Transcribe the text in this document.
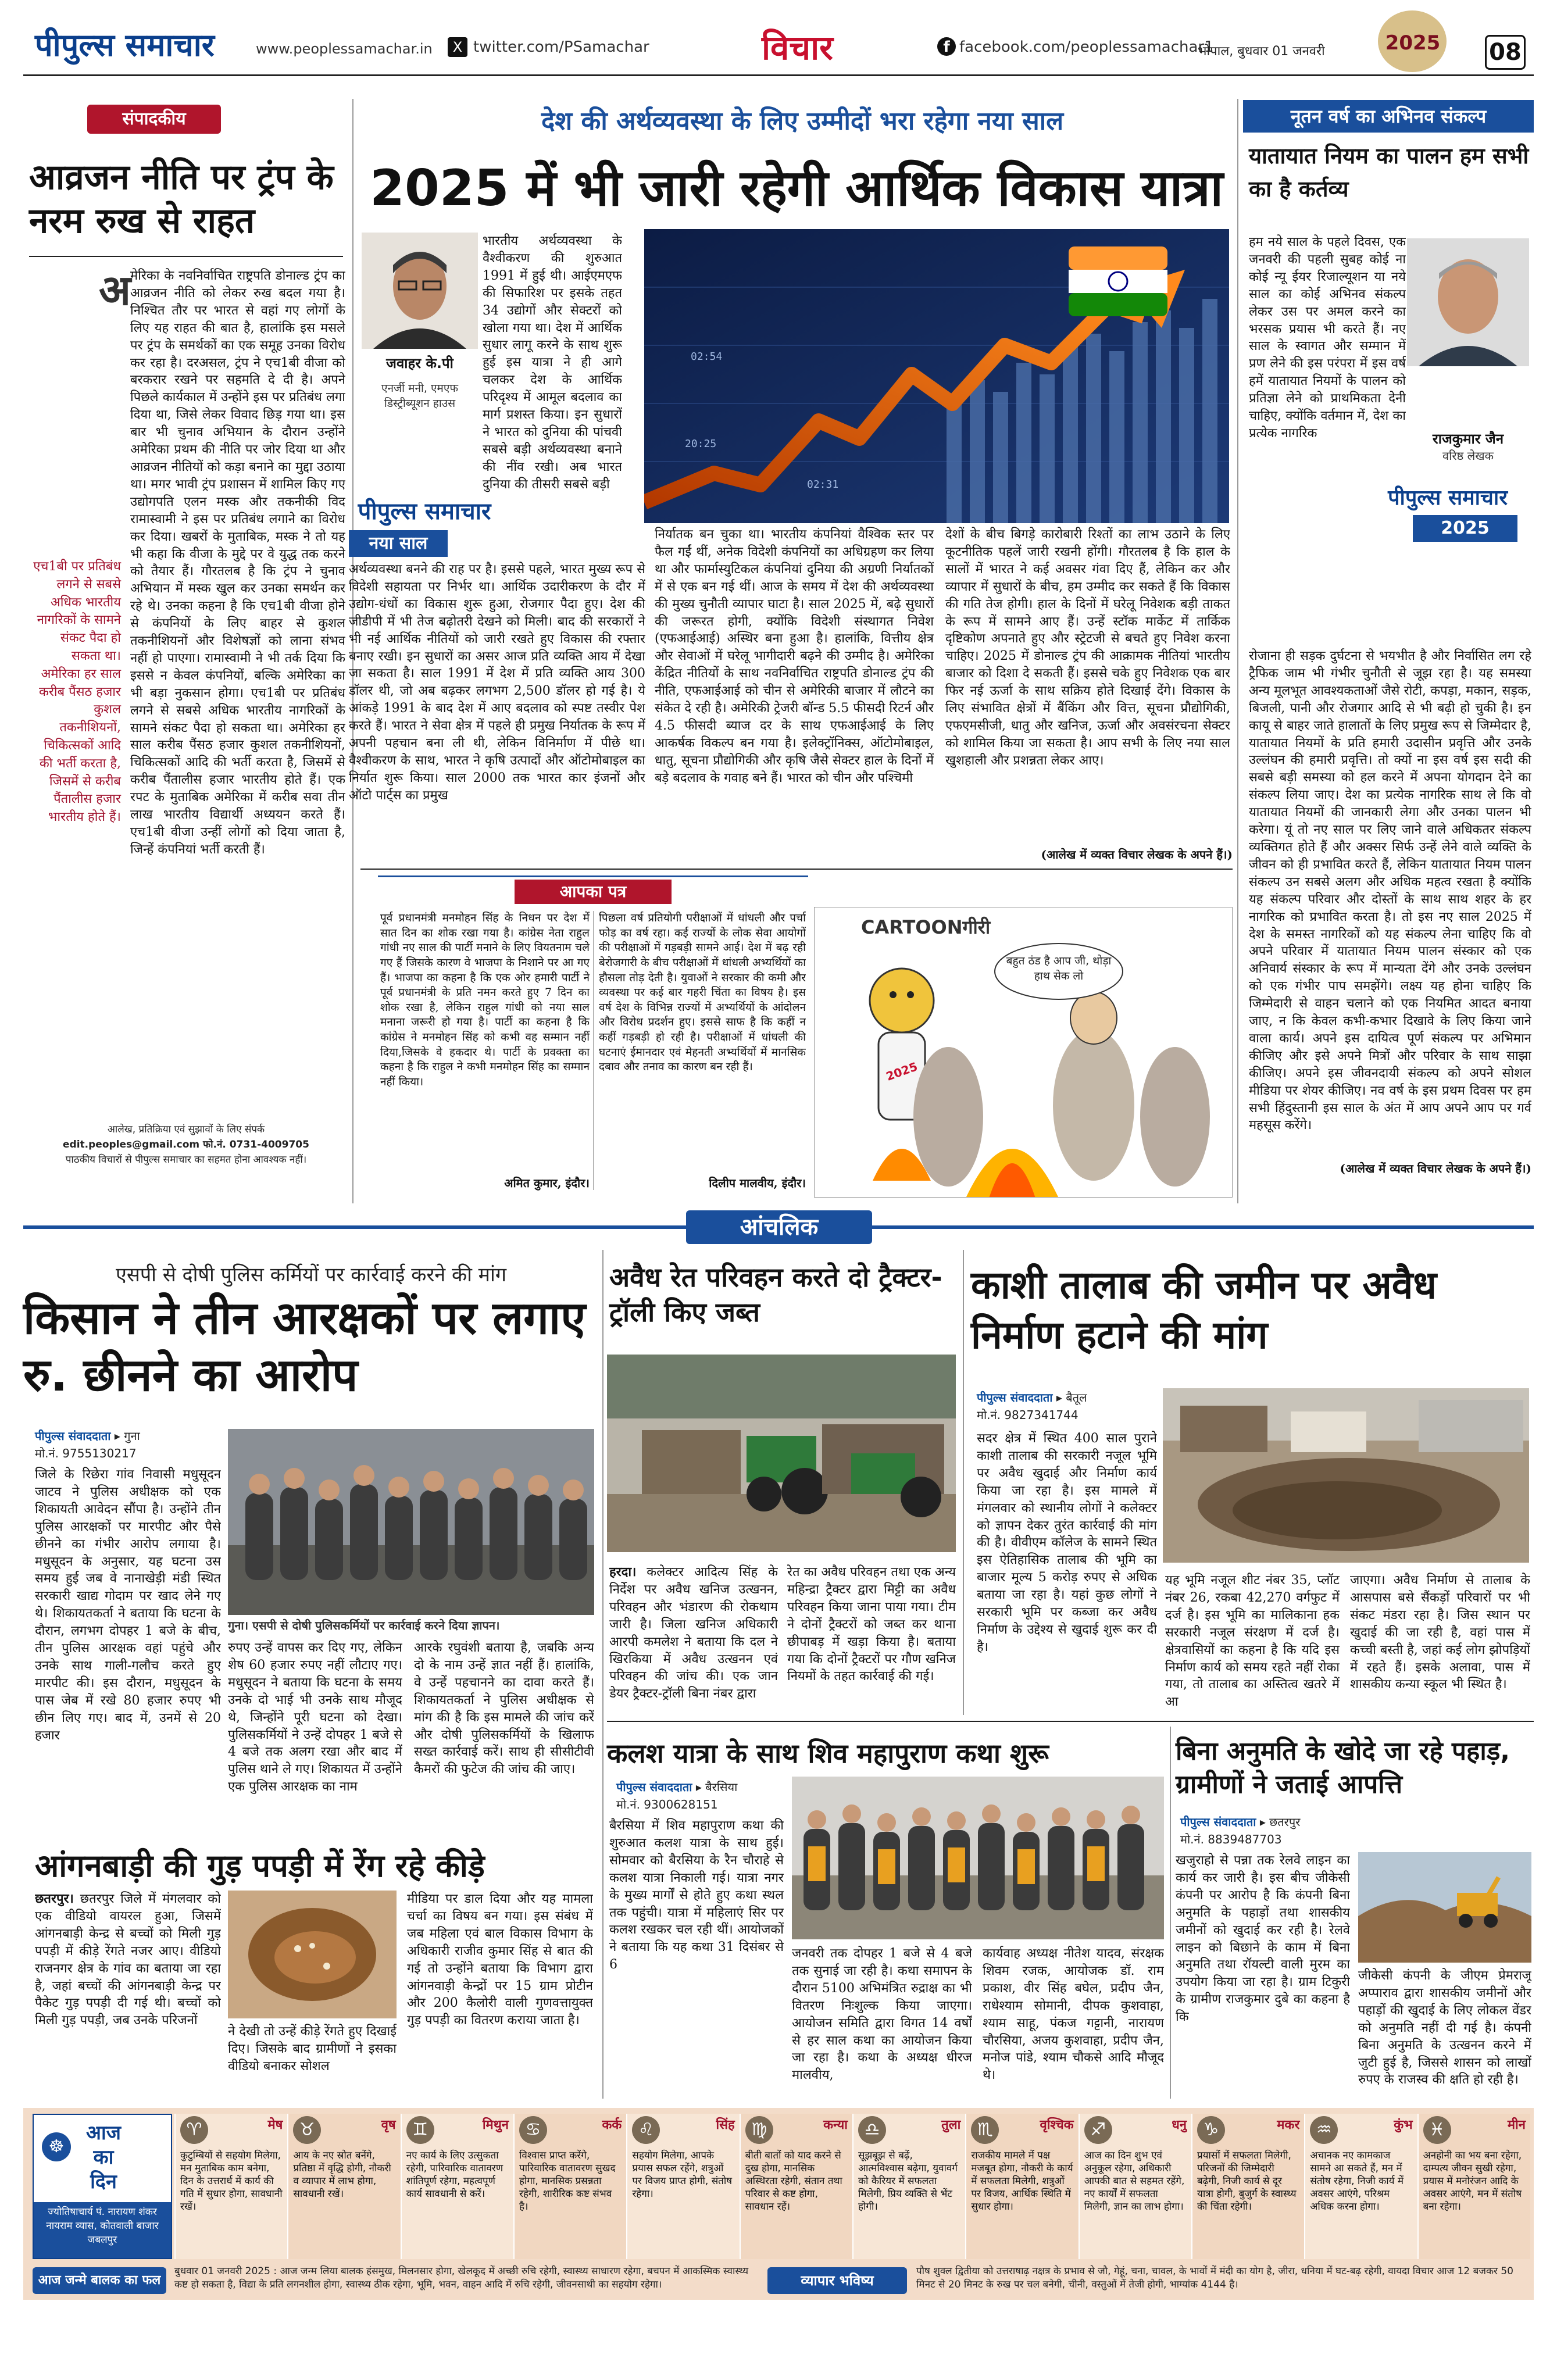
पीपुल्स समाचार	www.peoplessamachar.in	X twitter.com/PSamachar	विचार	f facebook.com/peoplessamachar1
भोपाल, बुधवार 01 जनवरी	2025 08
संपादकीय
आव्रजन नीति पर ट्रंप के नरम रुख से राहत
अ
मेरिका के नवनिर्वाचित राष्ट्रपति डोनाल्ड ट्रंप का आव्रजन नीति को लेकर रुख बदल गया है। निश्चित तौर पर भारत से वहां गए लोगों के लिए यह राहत की बात है, हालांकि इस मसले पर ट्रंप के समर्थकों का एक समूह उनका विरोध कर रहा है। दरअसल, ट्रंप ने एच1बी वीजा को बरकरार रखने पर सहमति दे दी है। अपने पिछले कार्यकाल में उन्होंने इस पर प्रतिबंध लगा दिया था, जिसे लेकर विवाद छिड़ गया था। इस बार भी चुनाव अभियान के दौरान उन्होंने अमेरिका प्रथम की नीति पर जोर दिया था और आव्रजन नीतियों को कड़ा बनाने का मुद्दा उठाया था। मगर भावी ट्रंप प्रशासन में शामिल किए गए उद्योगपति एलन मस्क और तकनीकी विद रामास्वामी ने इस पर प्रतिबंध लगाने का विरोध कर दिया। खबरों के मुताबिक, मस्क ने तो यह भी कहा कि वीजा के मुद्दे पर वे युद्ध तक करने को तैयार हैं। गौरतलब है कि ट्रंप ने चुनाव अभियान में मस्क खुल कर उनका समर्थन कर रहे थे। उनका कहना है कि एच1बी वीजा होने से कंपनियों के लिए बाहर से कुशल तकनीशियनों और विशेषज्ञों को लाना संभव नहीं हो पाएगा। रामास्वामी ने भी तर्क दिया कि इससे न केवल कंपनियों, बल्कि अमेरिका का भी बड़ा नुकसान होगा। एच1बी पर प्रतिबंध लगने से सबसे अधिक भारतीय नागरिकों के सामने संकट पैदा हो सकता था। अमेरिका हर साल करीब पैंसठ हजार कुशल तकनीशियनों, चिकित्सकों आदि की भर्ती करता है, जिसमें से करीब पैंतालीस हजार भारतीय होते हैं। एक रपट के मुताबिक अमेरिका में करीब सवा तीन लाख भारतीय विद्यार्थी अध्ययन करते हैं। एच1बी वीजा उन्हीं लोगों को दिया जाता है, जिन्हें कंपनियां भर्ती करती हैं।
एच1बी पर प्रतिबंध लगने से सबसे अधिक भारतीय नागरिकों के सामने संकट पैदा हो सकता था। अमेरिका हर साल करीब पैंसठ हजार कुशल तकनीशियनों, चिकित्सकों आदि की भर्ती करता है, जिसमें से करीब पैंतालीस हजार भारतीय होते हैं।
आलेख, प्रतिक्रिया एवं सुझावों के लिए संपर्क
edit.peoples@gmail.com फो.नं. 0731-4009705
पाठकीय विचारों से पीपुल्स समाचार का सहमत होना आवश्यक नहीं।
देश की अर्थव्यवस्था के लिए उम्मीदों भरा रहेगा नया साल
2025 में भी जारी रहेगी आर्थिक विकास यात्रा
जवाहर के.पी
एनर्जी मनी, एमएफ
डिस्ट्रीब्यूशन हाउस
पीपुल्स समाचार
नया साल
भारतीय अर्थव्यवस्था के वैश्वीकरण की शुरुआत 1991 में हुई थी। आईएमएफ की सिफारिश पर इसके तहत 34 उद्योगों और सेक्टरों को खोला गया था। देश में आर्थिक सुधार लागू करने के साथ शुरू हुई इस यात्रा ने ही आगे चलकर देश के आर्थिक परिदृश्य में आमूल बदलाव का मार्ग प्रशस्त किया। इन सुधारों ने भारत को दुनिया की पांचवी सबसे बड़ी अर्थव्यवस्था बनाने की नींव रखी। अब भारत दुनिया की तीसरी सबसे बड़ी
02:54
20:25
02:31
अर्थव्यवस्था बनने की राह पर है। इससे पहले, भारत मुख्य रूप से विदेशी सहायता पर निर्भर था। आर्थिक उदारीकरण के दौर में उद्योग-धंधों का विकास शुरू हुआ, रोजगार पैदा हुए। देश की जीडीपी में भी तेज बढ़ोतरी देखने को मिली। बाद की सरकारों ने भी नई आर्थिक नीतियों को जारी रखते हुए विकास की रफ्तार बनाए रखी। इन सुधारों का असर आज प्रति व्यक्ति आय में देखा जा सकता है। साल 1991 में देश में प्रति व्यक्ति आय 300 डॉलर थी, जो अब बढ़कर लगभग 2,500 डॉलर हो गई है। ये आंकड़े 1991 के बाद देश में आए बदलाव को स्पष्ट तस्वीर पेश करते हैं। भारत ने सेवा क्षेत्र में पहले ही प्रमुख निर्यातक के रूप में अपनी पहचान बना ली थी, लेकिन विनिर्माण में पीछे था। वैश्वीकरण के साथ, भारत ने कृषि उत्पादों और ऑटोमोबाइल का निर्यात शुरू किया। साल 2000 तक भारत कार इंजनों और ऑटो पार्ट्स का प्रमुख
निर्यातक बन चुका था। भारतीय कंपनियां वैश्विक स्तर पर फैल गईं थीं, अनेक विदेशी कंपनियों का अधिग्रहण कर लिया था और फार्मास्युटिकल कंपनियां दुनिया की अग्रणी निर्यातकों में से एक बन गई थीं। आज के समय में देश की अर्थव्यवस्था की मुख्य चुनौती व्यापार घाटा है। साल 2025 में, बढ़े सुधारों की जरूरत होगी, क्योंकि विदेशी संस्थागत निवेश (एफआईआई) अस्थिर बना हुआ है। हालांकि, वित्तीय क्षेत्र और सेवाओं में घरेलू भागीदारी बढ़ने की उम्मीद है। अमेरिका केंद्रित नीतियों के साथ नवनिर्वाचित राष्ट्रपति डोनाल्ड ट्रंप की नीति, एफआईआई को चीन से अमेरिकी बाजार में लौटने का संकेत दे रही है। अमेरिकी ट्रेजरी बॉन्ड 5.5 फीसदी रिटर्न और 4.5 फीसदी ब्याज दर के साथ एफआईआई के लिए आकर्षक विकल्प बन गया है। इलेक्ट्रॉनिक्स, ऑटोमोबाइल, धातु, सूचना प्रौद्योगिकी और कृषि जैसे सेक्टर हाल के दिनों में बड़े बदलाव के गवाह बने हैं। भारत को चीन और पश्चिमी
देशों के बीच बिगड़े कारोबारी रिश्तों का लाभ उठाने के लिए कूटनीतिक पहलें जारी रखनी होंगी। गौरतलब है कि हाल के सालों में भारत ने कई अवसर गंवा दिए हैं, लेकिन कर और व्यापार में सुधारों के बीच, हम उम्मीद कर सकते हैं कि विकास की गति तेज होगी। हाल के दिनों में घरेलू निवेशक बड़ी ताकत के रूप में सामने आए हैं। उन्हें स्टॉक मार्केट में तार्किक दृष्टिकोण अपनाते हुए और स्ट्रेटजी से बचते हुए निवेश करना चाहिए। 2025 में डोनाल्ड ट्रंप की आक्रामक नीतियां भारतीय बाजार को दिशा दे सकती हैं। इससे चके हुए निवेशक एक बार फिर नई ऊर्जा के साथ सक्रिय होते दिखाई देंगे। विकास के लिए संभावित क्षेत्रों में बैंकिंग और वित्त, सूचना प्रौद्योगिकी, एफएमसीजी, धातु और खनिज, ऊर्जा और अवसंरचना सेक्टर को शामिल किया जा सकता है। आप सभी के लिए नया साल खुशहाली और प्रशन्नता लेकर आए।
(आलेख में व्यक्त विचार लेखक के अपने हैं।)
आपका पत्र
पूर्व प्रधानमंत्री मनमोहन सिंह के निधन पर देश में सात दिन का शोक रखा गया है। कांग्रेस नेता राहुल गांधी नए साल की पार्टी मनाने के लिए वियतनाम चले गए हैं जिसके कारण वे भाजपा के निशाने पर आ गए हैं। भाजपा का कहना है कि एक ओर हमारी पार्टी ने पूर्व प्रधानमंत्री के प्रति नमन करते हुए 7 दिन का शोक रखा है, लेकिन राहुल गांधी को नया साल मनाना जरूरी हो गया है। पार्टी का कहना है कि कांग्रेस ने मनमोहन सिंह को कभी वह सम्मान नहीं दिया,जिसके वे हकदार थे। पार्टी के प्रवक्ता का कहना है कि राहुल ने कभी मनमोहन सिंह का सम्मान नहीं किया।
अमित कुमार, इंदौर।
पिछला वर्ष प्रतियोगी परीक्षाओं में धांधली और पर्चा फोड़ का वर्ष रहा। कई राज्यों के लोक सेवा आयोगों की परीक्षाओं में गड़बड़ी सामने आई। देश में बढ़ रही बेरोजगारी के बीच परीक्षाओं में धांधली अभ्यर्थियों का हौसला तोड़ देती है। युवाओं ने सरकार की कमी और व्यवस्था पर कई बार गहरी चिंता का विषय है। इस वर्ष देश के विभिन्न राज्यों में अभ्यर्थियों के आंदोलन और विरोध प्रदर्शन हुए। इससे साफ है कि कहीं न कहीं गड़बड़ी हो रही है। परीक्षाओं में धांधली की घटनाएं ईमानदार एवं मेहनती अभ्यर्थियों में मानसिक दबाव और तनाव का कारण बन रही हैं।
दिलीप मालवीय, इंदौर।
CARTOONगीरी
बहुत ठंड है आप जी, थोड़ा हाथ सेक लो
2025
नूतन वर्ष का अभिनव संकल्प
यातायात नियम का पालन हम सभी का है कर्तव्य
हम नये साल के पहले दिवस, एक जनवरी की पहली सुबह कोई ना कोई न्यू ईयर रिजाल्यूशन या नये साल का कोई अभिनव संकल्प लेकर उस पर अमल करने का भरसक प्रयास भी करते हैं। नए साल के स्वागत और सम्मान में प्रण लेने की इस परंपरा में इस वर्ष हमें यातायात नियमों के पालन को प्रतिज्ञा लेने को प्राथमिकता देनी चाहिए, क्योंकि वर्तमान में, देश का प्रत्येक नागरिक	राजकुमार जैन
वरिष्ठ लेखक
पीपुल्स समाचार
2025
रोजाना ही सड़क दुर्घटना से भयभीत है और निर्वासित लग रहे ट्रैफिक जाम भी गंभीर चुनौती से जूझ रहा है। यह समस्या अन्य मूलभूत आवश्यकताओं जैसे रोटी, कपड़ा, मकान, सड़क, बिजली, पानी और रोजगार आदि से भी बढ़ी हो चुकी है। इन कायू से बाहर जाते हालातों के लिए प्रमुख रूप से जिम्मेदार है, यातायात नियमों के प्रति हमारी उदासीन प्रवृत्ति और उनके उल्लंघन की हमारी प्रवृत्ति। तो क्यों ना इस वर्ष इस सदी की सबसे बड़ी समस्या को हल करने में अपना योगदान देने का संकल्प लिया जाए। देश का प्रत्येक नागरिक साथ ले कि वो यातायात नियमों की जानकारी लेगा और उनका पालन भी करेगा। यूं तो नए साल पर लिए जाने वाले अधिकतर संकल्प व्यक्तिगत होते हैं और अक्सर सिर्फ उन्हें लेने वाले व्यक्ति के जीवन को ही प्रभावित करते हैं, लेकिन यातायात नियम पालन संकल्प उन सबसे अलग और अधिक महत्व रखता है क्योंकि यह संकल्प परिवार और दोस्तों के साथ साथ शहर के हर नागरिक को प्रभावित करता है। तो इस नए साल 2025 में देश के समस्त नागरिकों को यह संकल्प लेना चाहिए कि वो अपने परिवार में यातायात नियम पालन संस्कार को एक अनिवार्य संस्कार के रूप में मान्यता देंगे और उनके उल्लंघन को एक गंभीर पाप समझेंगे। लक्ष्य यह होना चाहिए कि जिम्मेदारी से वाहन चलाने को एक नियमित आदत बनाया जाए, न कि केवल कभी-कभार दिखावे के लिए किया जाने वाला कार्य। अपने इस दायित्व पूर्ण संकल्प पर अभिमान कीजिए और इसे अपने मित्रों और परिवार के साथ साझा कीजिए। अपने इस जीवनदायी संकल्प को अपने सोशल मीडिया पर शेयर कीजिए। नव वर्ष के इस प्रथम दिवस पर हम सभी हिंदुस्तानी इस साल के अंत में आप अपने आप पर गर्व महसूस करेंगे।
(आलेख में व्यक्त विचार लेखक के अपने हैं।)
आंचलिक
एसपी से दोषी पुलिस कर्मियों पर कार्रवाई करने की मांग
किसान ने तीन आरक्षकों पर लगाए रु. छीनने का आरोप
पीपुल्स संवाददाता ▸ गुना
मो.नं. 9755130217
जिले के रिछेरा गांव निवासी मधुसूदन जाटव ने पुलिस अधीक्षक को एक शिकायती आवेदन सौंपा है। उन्होंने तीन पुलिस आरक्षकों पर मारपीट और पैसे छीनने का गंभीर आरोप लगाया है। मधुसूदन के अनुसार, यह घटना उस समय हुई जब वे नानाखेड़ी मंडी स्थित सरकारी खाद्य गोदाम पर खाद लेने गए थे। शिकायतकर्ता ने बताया कि घटना के दौरान, लगभग दोपहर 1 बजे के बीच, तीन पुलिस आरक्षक वहां पहुंचे और उनके साथ गाली-गलौच करते हुए मारपीट की। इस दौरान, मधुसूदन के पास जेब में रखे 80 हजार रुपए भी छीन लिए गए। बाद में, उनमें से 20 हजार
गुना। एसपी से दोषी पुलिसकर्मियों पर कार्रवाई करने दिया ज्ञापन।
रुपए उन्हें वापस कर दिए गए, लेकिन शेष 60 हजार रुपए नहीं लौटाए गए। मधुसूदन ने बताया कि घटना के समय उनके दो भाई भी उनके साथ मौजूद थे, जिन्होंने पूरी घटना को देखा। पुलिसकर्मियों ने उन्हें दोपहर 1 बजे से 4 बजे तक अलग रखा और बाद में पुलिस थाने ले गए। शिकायत में उन्होंने एक पुलिस आरक्षक का नाम
आरके रघुवंशी बताया है, जबकि अन्य दो के नाम उन्हें ज्ञात नहीं हैं। हालांकि, वे उन्हें पहचानने का दावा करते हैं। शिकायतकर्ता ने पुलिस अधीक्षक से मांग की है कि इस मामले की जांच करें और दोषी पुलिसकर्मियों के खिलाफ सख्त कार्रवाई करें। साथ ही सीसीटीवी कैमरों की फुटेज की जांच की जाए।
आंगनबाड़ी की गुड़ पपड़ी में रेंग रहे कीड़े
छतरपुर। छतरपुर जिले में मंगलवार को एक वीडियो वायरल हुआ, जिसमें आंगनबाड़ी केन्द्र से बच्चों को मिली गुड़ पपड़ी में कीड़े रेंगते नजर आए। वीडियो राजनगर क्षेत्र के गांव का बताया जा रहा है, जहां बच्चों की आंगनबाड़ी केन्द्र पर पैकेट गुड़ पपड़ी दी गई थी। बच्चों को मिली गुड़ पपड़ी, जब उनके परिजनों
ने देखी तो उन्हें कीड़े रेंगते हुए दिखाई दिए। जिसके बाद ग्रामीणों ने इसका वीडियो बनाकर सोशल
मीडिया पर डाल दिया और यह मामला चर्चा का विषय बन गया। इस संबंध में जब महिला एवं बाल विकास विभाग के अधिकारी राजीव कुमार सिंह से बात की गई तो उन्होंने बताया कि विभाग द्वारा आंगनवाड़ी केन्द्रों पर 15 ग्राम प्रोटीन और 200 कैलोरी वाली गुणवत्तायुक्त गुड़ पपड़ी का वितरण कराया जाता है।
अवैध रेत परिवहन करते दो ट्रैक्टर-ट्रॉली किए जब्त
हरदा। कलेक्टर आदित्य सिंह के निर्देश पर अवैध खनिज उत्खनन, परिवहन और भंडारण की रोकथाम जारी है। जिला खनिज अधिकारी आरपी कमलेश ने बताया कि दल ने खिरकिया में अवैध उत्खनन एवं परिवहन की जांच की। एक जान डेयर ट्रैक्टर-ट्रॉली बिना नंबर द्वारा
रेत का अवैध परिवहन तथा एक अन्य महिन्द्रा ट्रैक्टर द्वारा मिट्टी का अवैध परिवहन किया जाना पाया गया। टीम ने दोनों ट्रैक्टरों को जब्त कर थाना छीपाबड़ में खड़ा किया है। बताया गया कि दोनों ट्रैक्टरों पर गौण खनिज नियमों के तहत कार्रवाई की गई।
काशी तालाब की जमीन पर अवैध निर्माण हटाने की मांग
पीपुल्स संवाददाता ▸ बैतूल
मो.नं. 9827341744
सदर क्षेत्र में स्थित 400 साल पुराने काशी तालाब की सरकारी नजूल भूमि पर अवैध खुदाई और निर्माण कार्य किया जा रहा है। इस मामले में मंगलवार को स्थानीय लोगों ने कलेक्टर को ज्ञापन देकर तुरंत कार्रवाई की मांग की है। वीवीएम कॉलेज के सामने स्थित इस ऐतिहासिक तालाब की भूमि का बाजार मूल्य 5 करोड़ रुपए से अधिक बताया जा रहा है। यहां कुछ लोगों ने सरकारी भूमि पर कब्जा कर अवैध निर्माण के उद्देश्य से खुदाई शुरू कर दी है।
यह भूमि नजूल शीट नंबर 35, प्लॉट नंबर 26, रकबा 42,270 वर्गफुट में दर्ज है। इस भूमि का मालिकाना हक सरकारी नजूल संरक्षण में दर्ज है। क्षेत्रवासियों का कहना है कि यदि इस निर्माण कार्य को समय रहते नहीं रोका गया, तो तालाब का अस्तित्व खतरे में आ
जाएगा। अवैध निर्माण से तालाब के आसपास बसे सैंकड़ों परिवारों पर भी संकट मंडरा रहा है। जिस स्थान पर खुदाई की जा रही है, वहां पास में कच्ची बस्ती है, जहां कई लोग झोपड़ियों में रहते हैं। इसके अलावा, पास में शासकीय कन्या स्कूल भी स्थित है।
कलश यात्रा के साथ शिव महापुराण कथा शुरू
पीपुल्स संवाददाता ▸ बैरसिया
मो.नं. 9300628151
बैरसिया में शिव महापुराण कथा की शुरुआत कलश यात्रा के साथ हुई। सोमवार को बैरसिया के रैन चौराहे से कलश यात्रा निकाली गई। यात्रा नगर के मुख्य मार्गों से होते हुए कथा स्थल तक पहुंची। यात्रा में महिलाएं सिर पर कलश रखकर चल रही थीं। आयोजकों ने बताया कि यह कथा 31 दिसंबर से 6
जनवरी तक दोपहर 1 बजे से 4 बजे तक सुनाई जा रही है। कथा समापन के दौरान 5100 अभिमंत्रित रुद्राक्ष का भी वितरण निःशुल्क किया जाएगा। आयोजन समिति द्वारा विगत 14 वर्षों से हर साल कथा का आयोजन किया जा रहा है। कथा के अध्यक्ष धीरज मालवीय,
कार्यवाह अध्यक्ष नीतेश यादव, संरक्षक शिवम रजक, आयोजक डॉ. राम प्रकाश, वीर सिंह बघेल, प्रदीप जैन, राधेश्याम सोमानी, दीपक कुशवाहा, श्याम साहू, पंकज गट्टानी, नारायण चौरसिया, अजय कुशवाहा, प्रदीप जैन, मनोज पांडे, श्याम चौकसे आदि मौजूद थे।
बिना अनुमति के खोदे जा रहे पहाड़, ग्रामीणों ने जताई आपत्ति
पीपुल्स संवाददाता ▸ छतरपुर
मो.नं. 8839487703
खजुराहो से पन्ना तक रेलवे लाइन का कार्य कर जारी है। इस बीच जीकेसी कंपनी पर आरोप है कि कंपनी बिना अनुमति के पहाड़ों तथा शासकीय जमीनों को खुदाई कर रही है। रेलवे लाइन को बिछाने के काम में बिना अनुमति तथा रॉयल्टी वाली मुरम का उपयोग किया जा रहा है। ग्राम टिकुरी के ग्रामीण राजकुमार दुबे का कहना है कि
जीकेसी कंपनी के जीएम प्रेमराजू अप्पाराव द्वारा शासकीय जमीनों और पहाड़ों की खुदाई के लिए लोकल वेंडर को अनुमति नहीं दी गई है। कंपनी बिना अनुमति के उत्खनन करने में जुटी हुई है, जिससे शासन को लाखों रुपए के राजस्व की क्षति हो रही है।
आज
का
दिन
☸
ज्योतिषाचार्य पं. नारायण शंकर नायराम व्यास, कोतवाली बाजार जबलपुर
♈	मेष
कुटुम्बियों से सहयोग मिलेगा, मन मुताबिक काम बनेगा, दिन के उत्तरार्ध में कार्य की गति में सुधार होगा, सावधानी रखें।
♉	वृष
आय के नए स्रोत बनेंगे, प्रतिष्ठा में वृद्धि होगी, नौकरी व व्यापार में लाभ होगा, सावधानी रखें।
♊	मिथुन
नए कार्य के लिए उत्सुकता रहेगी, पारिवारिक वातावरण शांतिपूर्ण रहेगा, महत्वपूर्ण कार्य सावधानी से करें।
♋	कर्क
विश्वास प्राप्त करेंगे, पारिवारिक वातावरण सुखद होगा, मानसिक प्रसन्नता रहेगी, शारीरिक कष्ट संभव है।
♌	सिंह
सहयोग मिलेगा, आपके प्रयास सफल रहेंगे, शत्रुओं पर विजय प्राप्त होगी, संतोष रहेगा।
♍	कन्या
बीती बातों को याद करने से दुख होगा, मानसिक अस्थिरता रहेगी, संतान तथा परिवार से कष्ट होगा, सावधान रहें।
♎	तुला
सूझबूझ से बढ़ें, आत्मविश्वास बढ़ेगा, युवावर्ग को कैरियर में सफलता मिलेगी, प्रिय व्यक्ति से भेंट होगी।
♏	वृश्चिक
राजकीय मामले में पक्ष मजबूत होगा, नौकरी के कार्य में सफलता मिलेगी, शत्रुओं पर विजय, आर्थिक स्थिति में सुधार होगा।
♐	धनु
आज का दिन शुभ एवं अनुकूल रहेगा, अधिकारी आपकी बात से सहमत रहेंगे, नए कार्यों में सफलता मिलेगी, ज्ञान का लाभ होगा।
♑	मकर
प्रयासों में सफलता मिलेगी, परिजनों की जिम्मेदारी बढ़ेगी, निजी कार्य से दूर यात्रा होगी, बुजुर्ग के स्वास्थ्य की चिंता रहेगी।
♒	कुंभ
अचानक नए कामकाज सामने आ सकते हैं, मन में संतोष रहेगा, निजी कार्य में अवसर आएंगे, परिश्रम अधिक करना होगा।
♓	मीन
अनहोनी का भय बना रहेगा, दाम्पत्य जीवन सुखी रहेगा, प्रयास में मनोरंजन आदि के अवसर आएंगे, मन में संतोष बना रहेगा।
आज जन्मे बालक का फल
बुधवार 01 जनवरी 2025 : आज जन्म लिया बालक हंसमुख, मिलनसार होगा, खेलकूद में अच्छी रुचि रहेगी, स्वास्थ्य साधारण रहेगा, बचपन में आकस्मिक स्वास्थ्य कष्ट हो सकता है, विद्या के प्रति लगनशील होगा, स्वास्थ्य ठीक रहेगा, भूमि, भवन, वाहन आदि में रुचि रहेगी, जीवनसाथी का सहयोग रहेगा।	व्यापार भविष्य
पौष शुक्ल द्वितीया को उत्तराषाढ़ नक्षत्र के प्रभाव से जौ, गेहूं, चना, चावल, के भावों में मंदी का योग है, जीरा, धनिया में घट-बढ़ रहेगी, वायदा विचार आज 12 बजकर 50 मिनट से 20 मिनट के रुख पर चल बनेगी, चीनी, वस्तुओं में तेजी होगी, भाग्यांक 4144 है।
